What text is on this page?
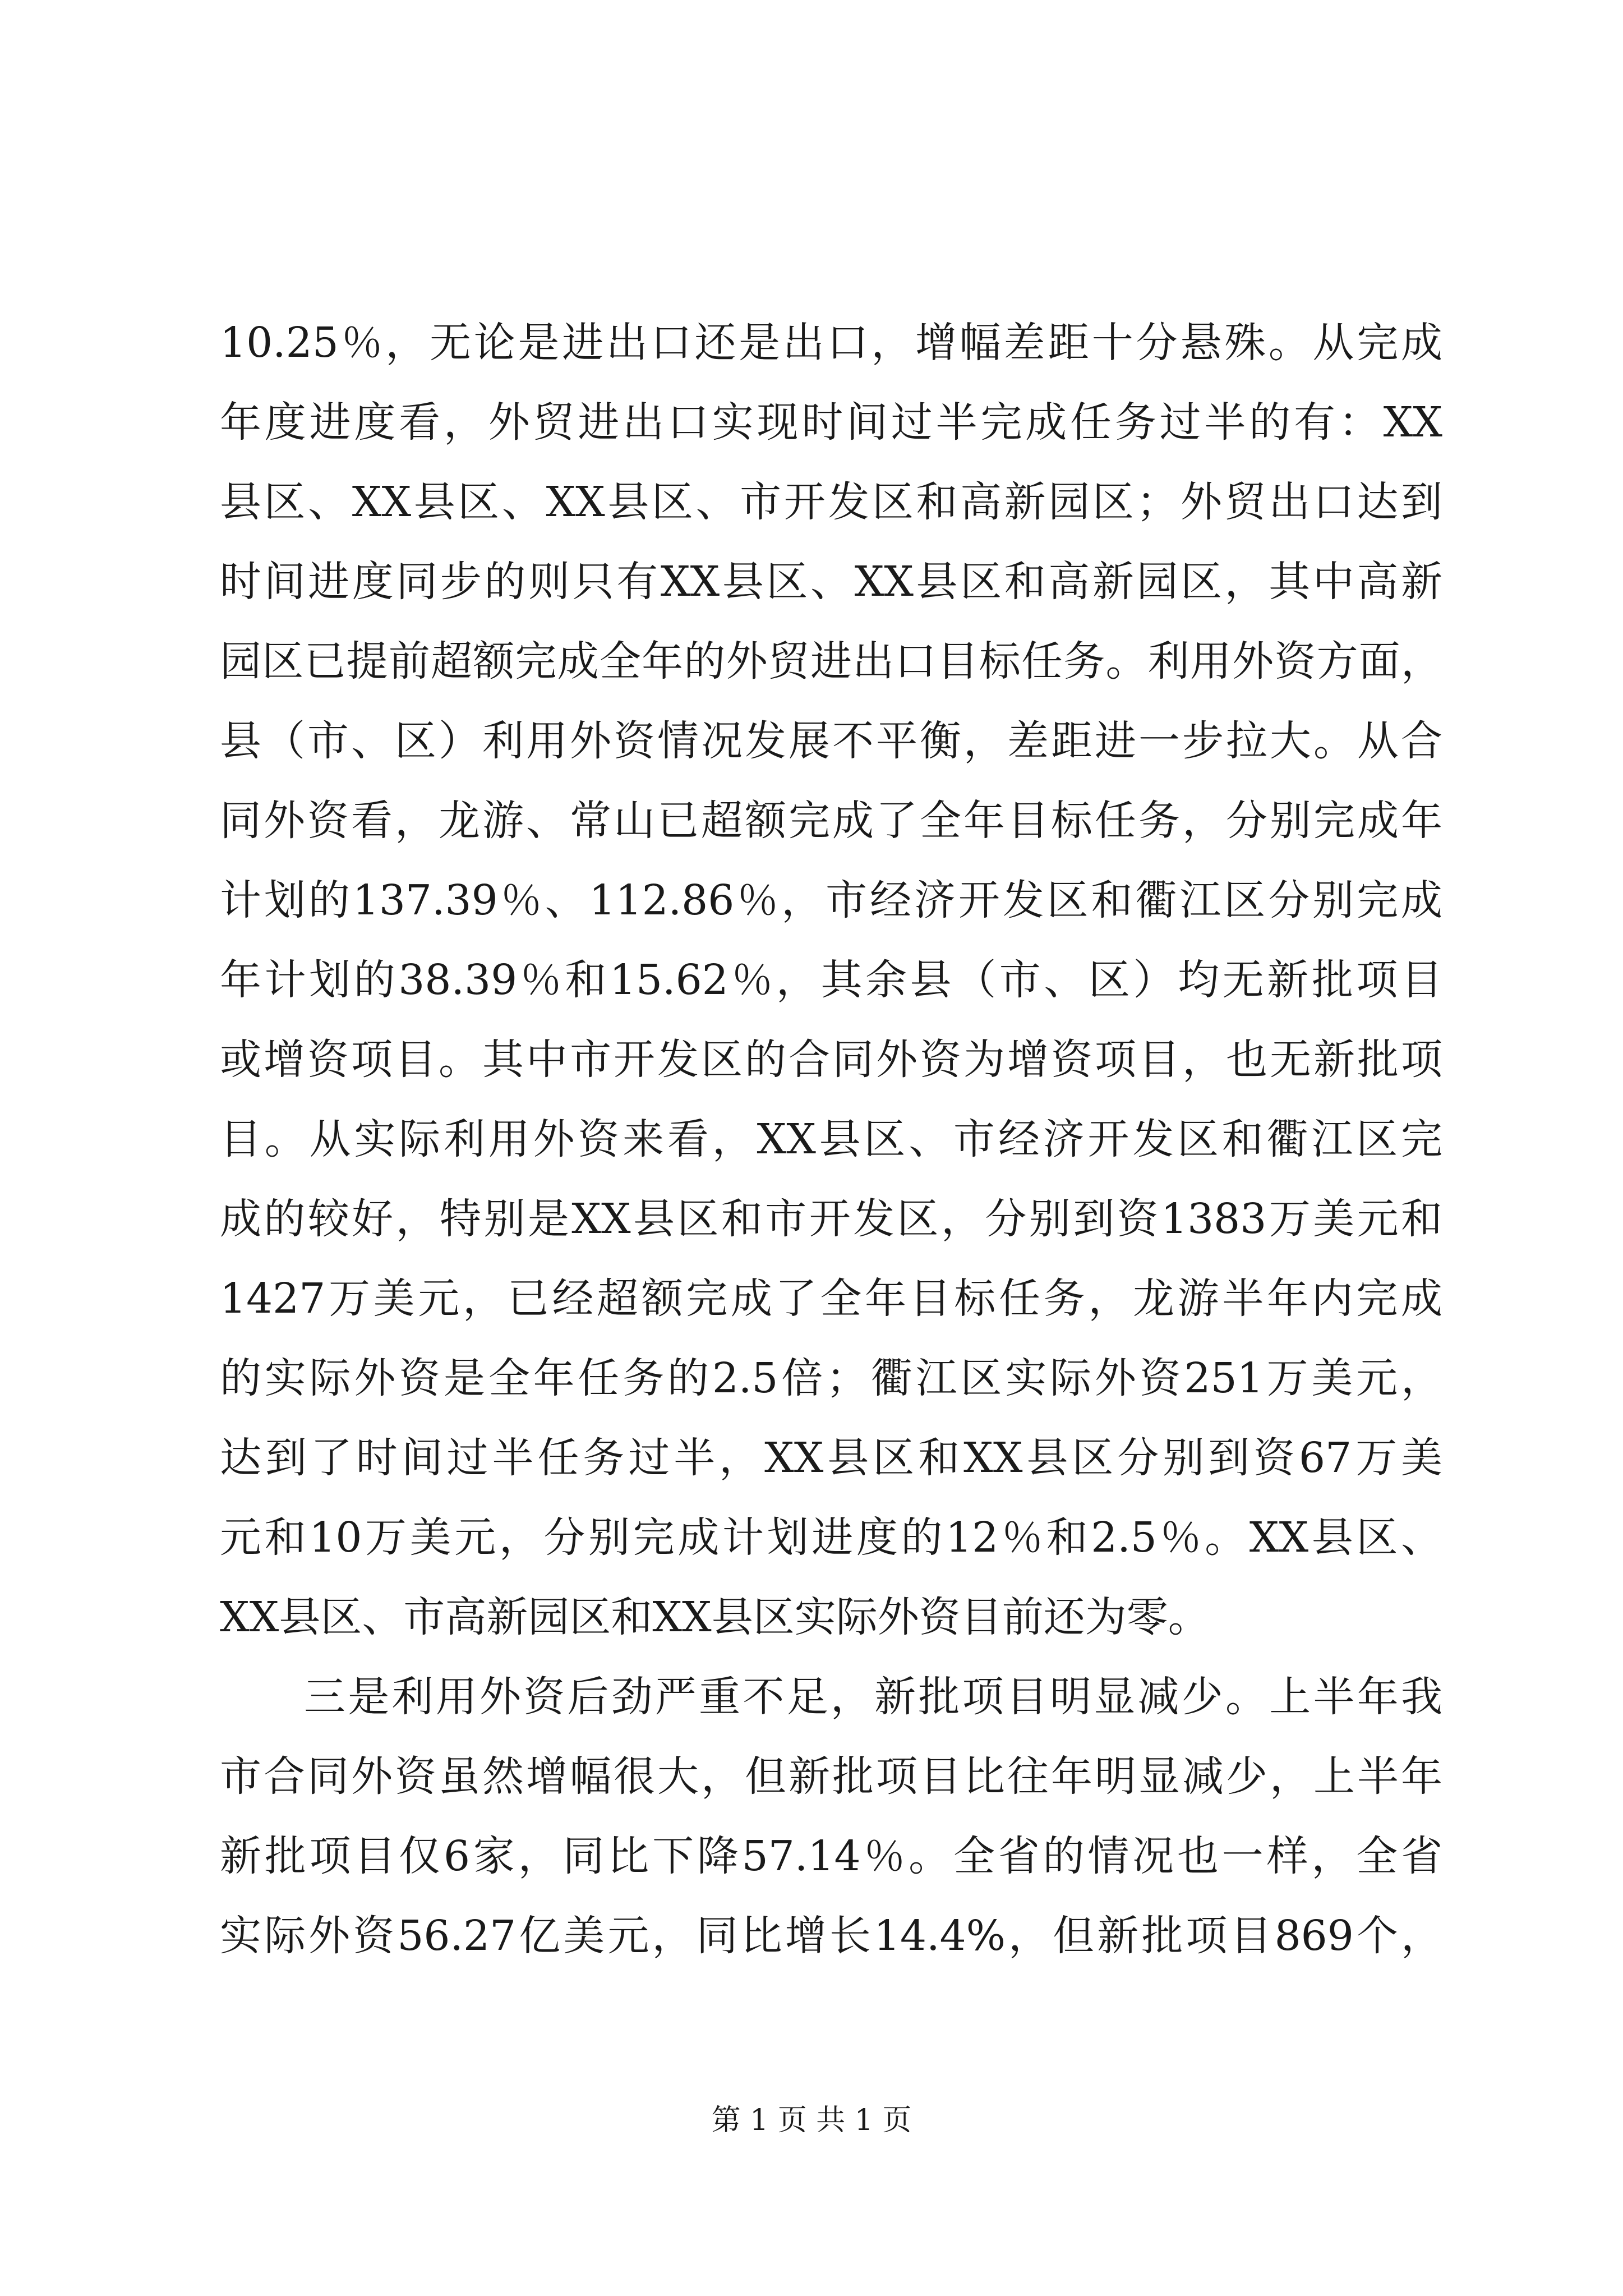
10.25％，无论是进出口还是出口，增幅差距十分悬殊。从完成
年度进度看，外贸进出口实现时间过半完成任务过半的有：XX
县区、XX县区、XX县区、市开发区和高新园区；外贸出口达到
时间进度同步的则只有XX县区、XX县区和高新园区，其中高新
园区已提前超额完成全年的外贸进出口目标任务。利用外资方面，
县（市、区）利用外资情况发展不平衡，差距进一步拉大。从合
同外资看，龙游、常山已超额完成了全年目标任务，分别完成年
计划的137.39％、112.86％，市经济开发区和衢江区分别完成
年计划的38.39％和15.62％，其余县（市、区）均无新批项目
或增资项目。其中市开发区的合同外资为增资项目，也无新批项
目。从实际利用外资来看，XX县区、市经济开发区和衢江区完
成的较好，特别是XX县区和市开发区，分别到资1383万美元和
1427万美元，已经超额完成了全年目标任务，龙游半年内完成
的实际外资是全年任务的2.5倍；衢江区实际外资251万美元，
达到了时间过半任务过半，XX县区和XX县区分别到资67万美
元和10万美元，分别完成计划进度的12％和2.5％。XX县区、
XX县区、市高新园区和XX县区实际外资目前还为零。
三是利用外资后劲严重不足，新批项目明显减少。上半年我
市合同外资虽然增幅很大，但新批项目比往年明显减少，上半年
新批项目仅6家，同比下降57.14％。全省的情况也一样，全省
实际外资56.27亿美元，同比增长14.4%，但新批项目869个，
第 1 页 共 1 页
